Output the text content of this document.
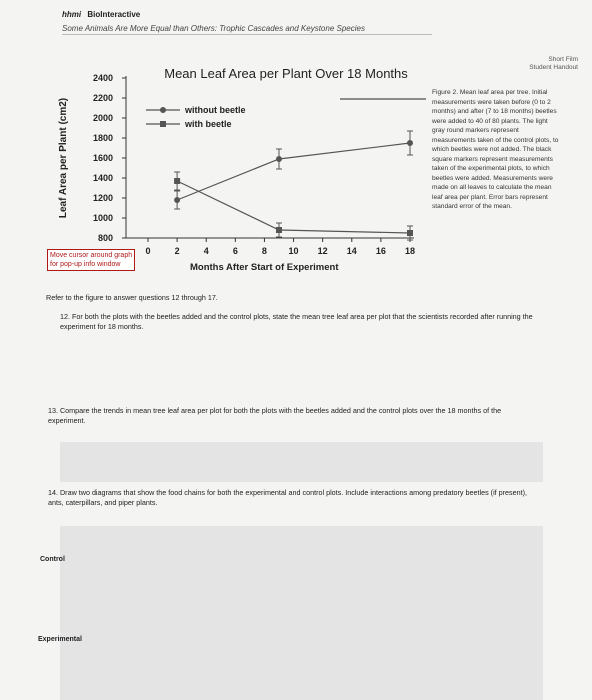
hhmi BioInteractive
Some Animals Are More Equal than Others: Trophic Cascades and Keystone Species
Short Film
Student Handout
Mean Leaf Area per Plant Over 18 Months
Leaf Area per Plant (cm2)
800
1000
1200
1400
1600
1800
2000
2200
2400
0	2	4	6	8 10 12 14 16 18
without beetle
with beetle
Figure 2. Mean leaf area per tree. Initial measurements were taken before (0 to 2 months) and after (7 to 18 months) beetles were added to 40 of 80 plants. The light gray round markers represent measurements taken of the control plots, to which beetles were not added. The black square markers represent measurements taken of the experimental plots, to which beetles were added. Measurements were made on all leaves to calculate the mean leaf area per plant. Error bars represent standard error of the mean.
Move cursor around graph
for pop-up info window	Months After Start of Experiment
Refer to the figure to answer questions 12 through 17.
12. For both the plots with the beetles added and the control plots, state the mean tree leaf area per plot that the scientists recorded after running the experiment for 18 months.
13. Compare the trends in mean tree leaf area per plot for both the plots with the beetles added and the control plots over the 18 months of the experiment.
14. Draw two diagrams that show the food chains for both the experimental and control plots. Include interactions among predatory beetles (if present), ants, caterpillars, and piper plants.
Control
Experimental
